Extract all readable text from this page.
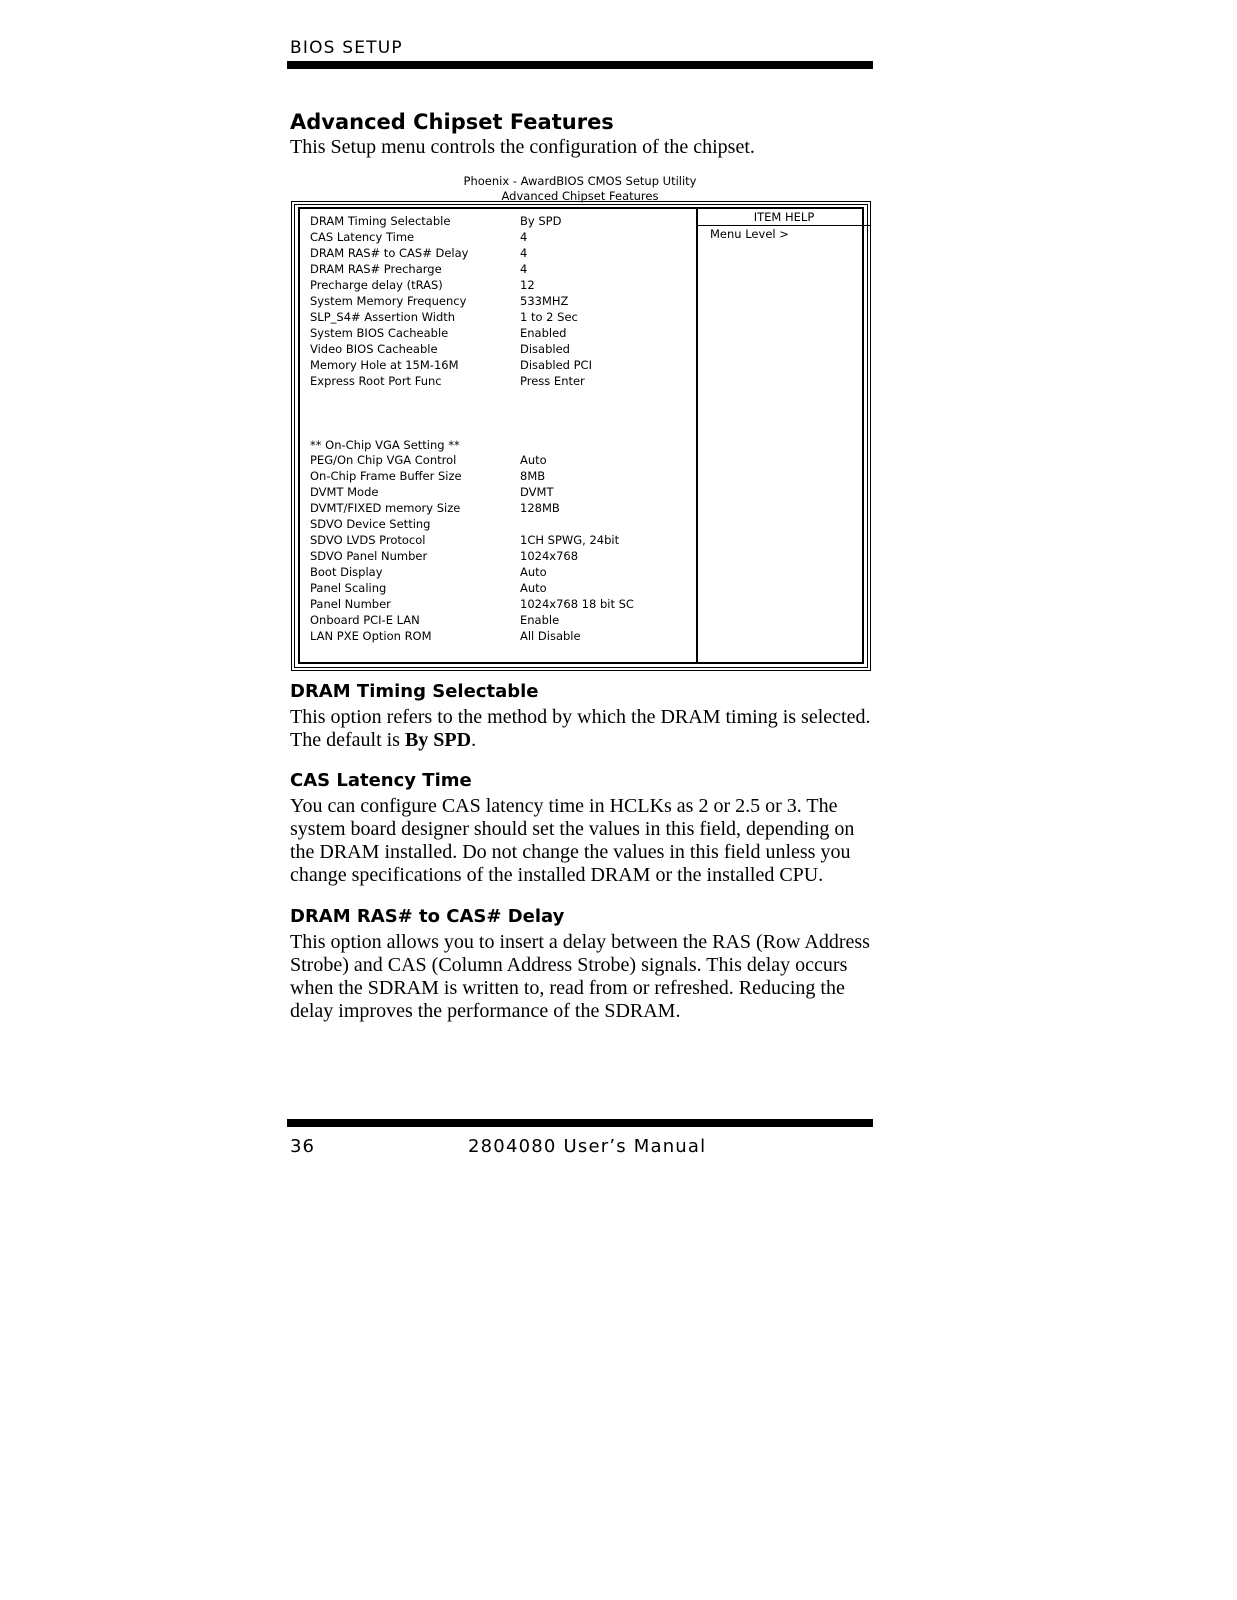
BIOS SETUP
Advanced Chipset Features
This Setup menu controls the configuration of the chipset.
Phoenix - AwardBIOS CMOS Setup Utility
Advanced Chipset Features
DRAM Timing Selectable	By SPD
CAS Latency Time	4
DRAM RAS# to CAS# Delay	4
DRAM RAS# Precharge	4
Precharge delay (tRAS)	12
System Memory Frequency	533MHZ
SLP_S4# Assertion Width	1 to 2 Sec
System BIOS Cacheable	Enabled
Video BIOS Cacheable	Disabled
Memory Hole at 15M-16M	Disabled PCI
Express Root Port Func	Press Enter
** On-Chip VGA Setting **
PEG/On Chip VGA Control	Auto
On-Chip Frame Buffer Size	8MB
DVMT Mode	DVMT
DVMT/FIXED memory Size	128MB
SDVO Device Setting
SDVO LVDS Protocol	1CH SPWG, 24bit
SDVO Panel Number	1024x768
Boot Display	Auto
Panel Scaling	Auto
Panel Number	1024x768 18 bit SC
Onboard PCI-E LAN	Enable
LAN PXE Option ROM	All Disable
ITEM HELP
Menu Level >
DRAM Timing Selectable
This option refers to the method by which the DRAM timing is selected.
The default is By SPD.
CAS Latency Time
You can configure CAS latency time in HCLKs as 2 or 2.5 or 3. The
system board designer should set the values in this field, depending on
the DRAM installed. Do not change the values in this field unless you
change specifications of the installed DRAM or the installed CPU.
DRAM RAS# to CAS# Delay
This option allows you to insert a delay between the RAS (Row Address
Strobe) and CAS (Column Address Strobe) signals. This delay occurs
when the SDRAM is written to, read from or refreshed. Reducing the
delay improves the performance of the SDRAM.
36	2804080 User’s Manual
